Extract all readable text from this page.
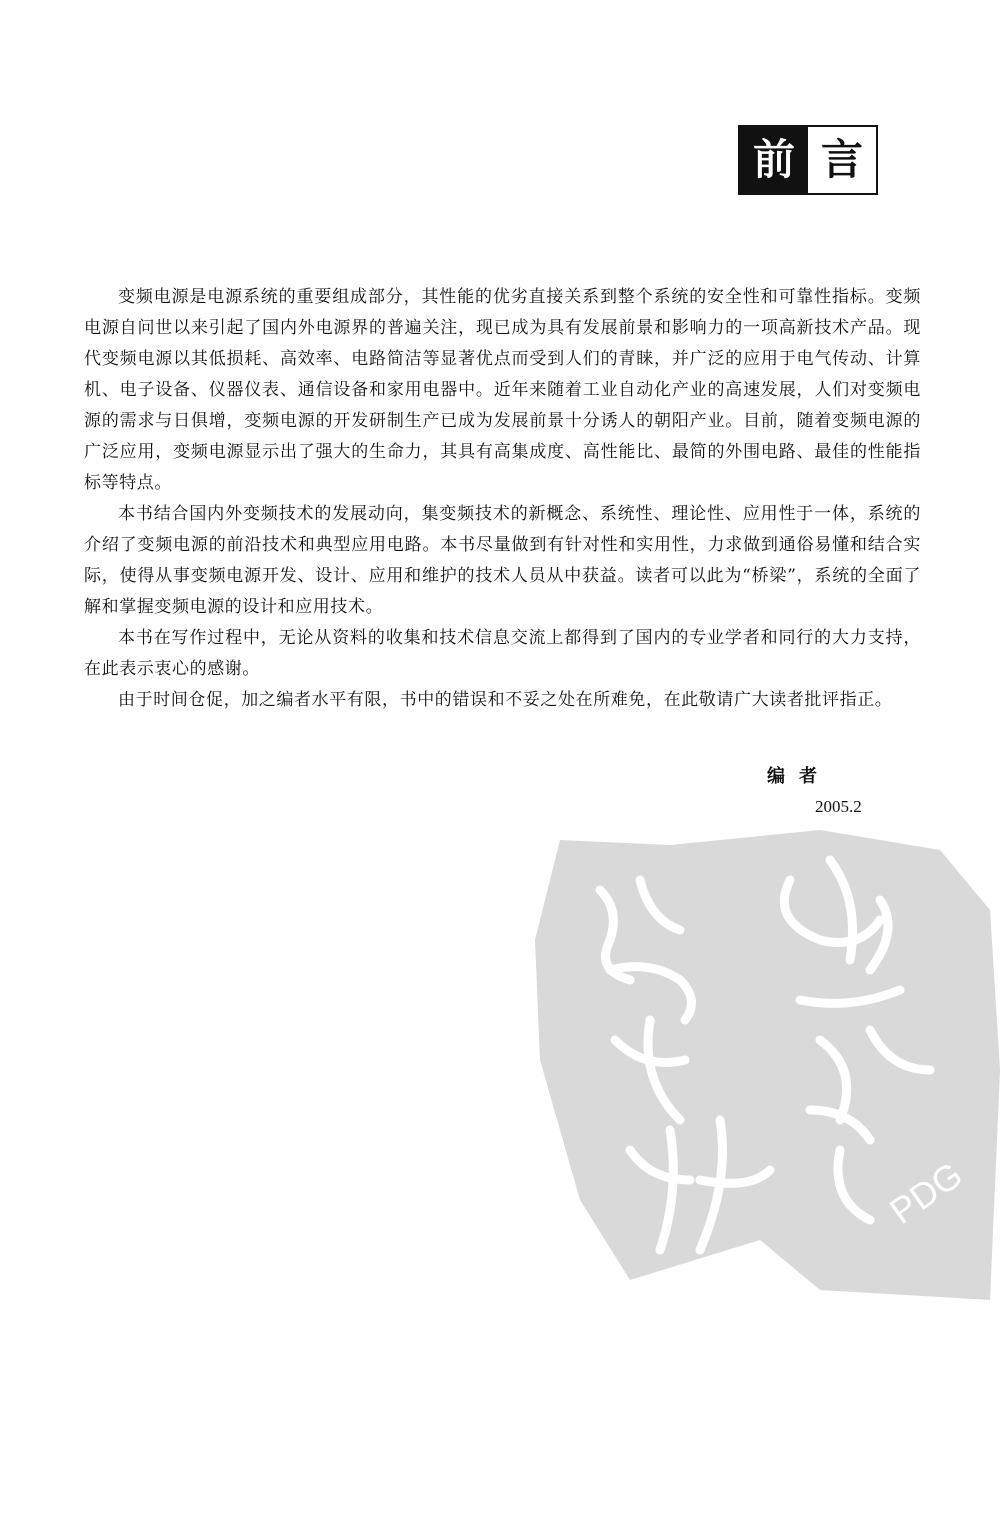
前 言

变频电源是电源系统的重要组成部分，其性能的优劣直接关系到整个系统的安全性和可靠性指标。变频电源自问世以来引起了国内外电源界的普遍关注，现已成为具有发展前景和影响力的一项高新技术产品。现代变频电源以其低损耗、高效率、电路简洁等显著优点而受到人们的青睐，并广泛的应用于电气传动、计算机、电子设备、仪器仪表、通信设备和家用电器中。近年来随着工业自动化产业的高速发展，人们对变频电源的需求与日俱增，变频电源的开发研制生产已成为发展前景十分诱人的朝阳产业。目前，随着变频电源的广泛应用，变频电源显示出了强大的生命力，其具有高集成度、高性能比、最简的外围电路、最佳的性能指标等特点。

本书结合国内外变频技术的发展动向，集变频技术的新概念、系统性、理论性、应用性于一体，系统的介绍了变频电源的前沿技术和典型应用电路。本书尽量做到有针对性和实用性，力求做到通俗易懂和结合实际，使得从事变频电源开发、设计、应用和维护的技术人员从中获益。读者可以此为“桥梁”，系统的全面了解和掌握变频电源的设计和应用技术。

本书在写作过程中，无论从资料的收集和技术信息交流上都得到了国内的专业学者和同行的大力支持，在此表示衷心的感谢。

由于时间仓促，加之编者水平有限，书中的错误和不妥之处在所难免，在此敬请广大读者批评指正。

编者
2005.2
PDG
